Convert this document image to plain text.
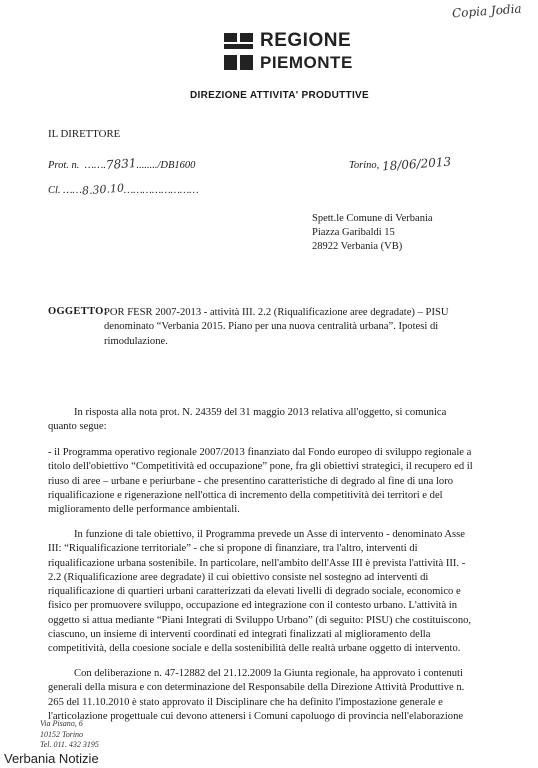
Copia Jodia
REGIONE
PIEMONTE
DIREZIONE ATTIVITA' PRODUTTIVE
IL DIRETTORE
Prot. n.  …….7831......../DB1600	Torino, 18/06/2013
Cl. ……8.30.10……………………
Spett.le Comune di Verbania
Piazza Garibaldi 15
28922 Verbania (VB)
OGGETTO:
POR FESR 2007-2013 - attività III. 2.2 (Riqualificazione aree degradate) – PISU
denominato “Verbania 2015. Piano per una nuova centralità urbana”. Ipotesi di
rimodulazione.
In risposta alla nota prot. N. 24359 del 31 maggio 2013 relativa all'oggetto, si comunica
quanto segue:
- il Programma operativo regionale 2007/2013 finanziato dal Fondo europeo di sviluppo regionale a
titolo dell'obiettivo “Competitività ed occupazione” pone, fra gli obiettivi strategici, il recupero ed il
riuso di aree – urbane e periurbane - che presentino caratteristiche di degrado al fine di una loro
riqualificazione e rigenerazione nell'ottica di incremento della competitività dei territori e del
miglioramento delle performance ambientali.
In funzione di tale obiettivo, il Programma prevede un Asse di intervento - denominato Asse
III: “Riqualificazione territoriale” - che si propone di finanziare, tra l'altro, interventi di
riqualificazione urbana sostenibile. In particolare, nell'ambito dell'Asse III è prevista l'attività III. -
2.2 (Riqualificazione aree degradate) il cui obiettivo consiste nel sostegno ad interventi di
riqualificazione di quartieri urbani caratterizzati da elevati livelli di degrado sociale, economico e
fisico per promuovere sviluppo, occupazione ed integrazione con il contesto urbano. L'attività in
oggetto si attua mediante “Piani Integrati di Sviluppo Urbano” (di seguito: PISU) che costituiscono,
ciascuno, un insieme di interventi coordinati ed integrati finalizzati al miglioramento della
competitività, della coesione sociale e della sostenibilità delle realtà urbane oggetto di intervento.
Con deliberazione n. 47-12882 del 21.12.2009 la Giunta regionale, ha approvato i contenuti
generali della misura e con determinazione del Responsabile della Direzione Attività Produttive n.
265 del 11.10.2010 è stato approvato il Disciplinare che ha definito l'impostazione generale e
l'articolazione progettuale cui devono attenersi i Comuni capoluogo di provincia nell'elaborazione
Via Pisano, 6
10152 Torino
Tel. 011. 432 3195
Verbania Notizie
